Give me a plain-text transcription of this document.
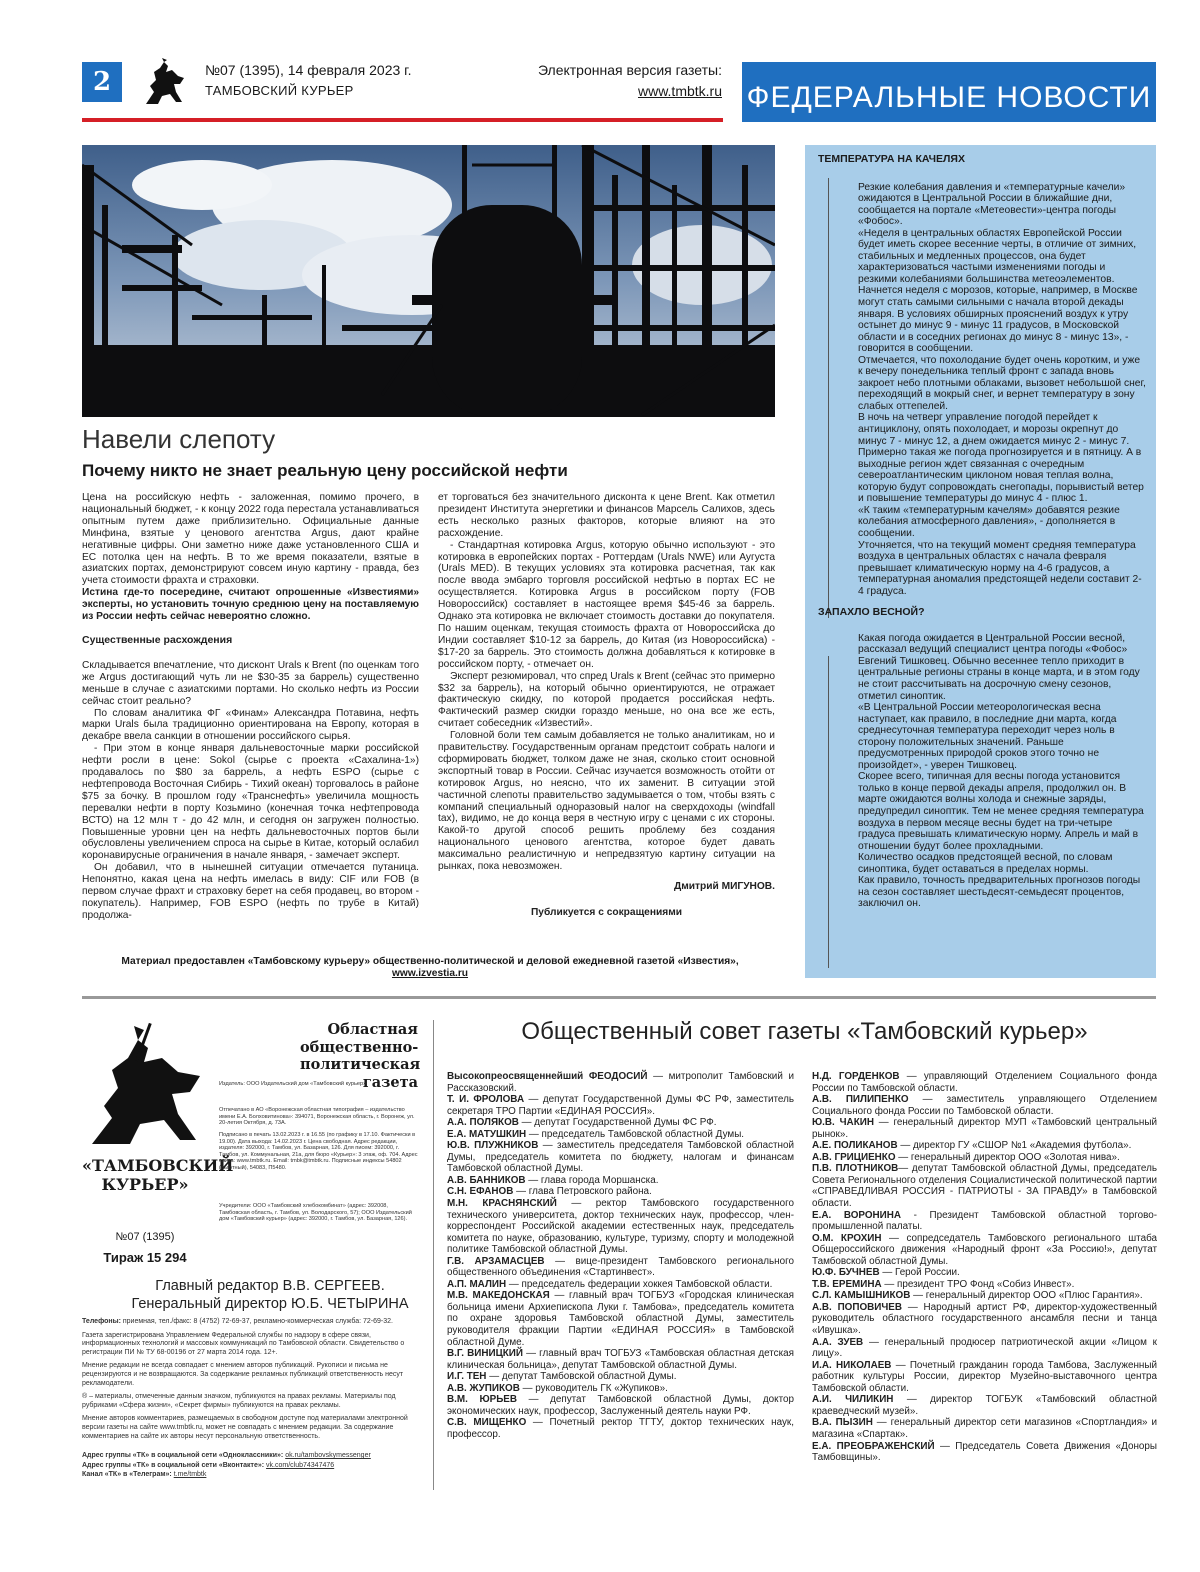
2	№07 (1395), 14 февраля 2023 г.
ТАМБОВСКИЙ КУРЬЕР
Электронная версия газеты:
www.tmbtk.ru ФЕДЕРАЛЬНЫЕ НОВОСТИ
Навели слепоту
Почему никто не знает реальную цену российской нефти

Цена на российскую нефть - заложенная, помимо прочего, в национальный бюджет, - к концу 2022 года перестала устанавливаться опытным путем даже приблизительно. Официальные данные Минфина, взятые у ценового агентства Argus, дают крайне негативные цифры. Они заметно ниже даже установленного США и ЕС потолка цен на нефть. В то же время показатели, взятые в азиатских портах, демонстрируют совсем иную картину - правда, без учета стоимости фрахта и страховки.

Истина где-то посередине, считают опрошенные «Известиями» эксперты, но установить точную среднюю цену на поставляемую из России нефть сейчас невероятно сложно.

Существенные расхождения

Складывается впечатление, что дисконт Urals к Brent (по оценкам того же Argus достигающий чуть ли не $30-35 за баррель) существенно меньше в случае с азиатскими портами. Но сколько нефть из России сейчас стоит реально?

По словам аналитика ФГ «Финам» Александра Потавина, нефть марки Urals была традиционно ориентирована на Европу, которая в декабре ввела санкции в отношении российского сырья.

- При этом в конце января дальневосточные марки российской нефти росли в цене: Sokol (сырье с проекта «Сахалина-1») продавалось по $80 за баррель, а нефть ESPO (сырье с нефтепровода Восточная Сибирь - Тихий океан) торговалось в районе $75 за бочку. В прошлом году «Транснефть» увеличила мощность перевалки нефти в порту Козьмино (конечная точка нефтепровода ВСТО) на 12 млн т - до 42 млн, и сегодня он загружен полностью. Повышенные уровни цен на нефть дальневосточных портов были обусловлены увеличением спроса на сырье в Китае, который ослабил коронавирусные ограничения в начале января, - замечает эксперт.

Он добавил, что в нынешней ситуации отмечается путаница. Непонятно, какая цена на нефть имелась в виду: CIF или FOB (в первом случае фрахт и страховку берет на себя продавец, во втором - покупатель). Например, FOB ESPO (нефть по трубе в Китай) продолжа-

ет торговаться без значительного дисконта к цене Brent. Как отметил президент Института энергетики и финансов Марсель Салихов, здесь есть несколько разных факторов, которые влияют на это расхождение.

- Стандартная котировка Argus, которую обычно используют - это котировка в европейских портах - Роттердам (Urals NWE) или Аугуста (Urals MED). В текущих условиях эта котировка расчетная, так как после ввода эмбарго торговля российской нефтью в портах ЕС не осуществляется. Котировка Argus в российском порту (FOB Новороссийск) составляет в настоящее время $45-46 за баррель. Однако эта котировка не включает стоимость доставки до покупателя. По нашим оценкам, текущая стоимость фрахта от Новороссийска до Индии составляет $10-12 за баррель, до Китая (из Новороссийска) - $17-20 за баррель. Это стоимость должна добавляться к котировке в российском порту, - отмечает он.

Эксперт резюмировал, что спред Urals к Brent (сейчас это примерно $32 за баррель), на который обычно ориентируются, не отражает фактическую скидку, по которой продается российская нефть. Фактический размер скидки гораздо меньше, но она все же есть, считает собеседник «Известий».

Головной боли тем самым добавляется не только аналитикам, но и правительству. Государственным органам предстоит собрать налоги и сформировать бюджет, толком даже не зная, сколько стоит основной экспортный товар в России. Сейчас изучается возможность отойти от котировок Argus, но неясно, что их заменит. В ситуации этой частичной слепоты правительство задумывается о том, чтобы взять с компаний специальный одноразовый налог на сверхдоходы (windfall tax), видимо, не до конца веря в честную игру с ценами с их стороны. Какой-то другой способ решить проблему без создания национального ценового агентства, которое будет давать максимально реалистичную и непредвзятую картину ситуации на рынках, пока невозможен.

Дмитрий МИГУНОВ.

Публикуется с сокращениями

Материал предоставлен «Тамбовскому курьеру» общественно-политической и деловой ежедневной газетой «Известия»,
www.izvestia.ru

ТЕМПЕРАТУРА НА КАЧЕЛЯХ

Резкие колебания давления и «температурные качели» ожидаются в Центральной России в ближайшие дни, сообщается на портале «Метеовести»-центра погоды «Фобос».

«Неделя в центральных областях Европейской России будет иметь скорее весенние черты, в отличие от зимних, стабильных и медленных процессов, она будет характеризоваться частыми изменениями погоды и резкими колебаниями большинства метеоэлементов. Начнется неделя с морозов, которые, например, в Москве могут стать самыми сильными с начала второй декады января. В условиях обширных прояснений воздух к утру остынет до минус 9 - минус 11 градусов, в Московской области и в соседних регионах до минус 8 - минус 13», - говорится в сообщении.

Отмечается, что похолодание будет очень коротким, и уже к вечеру понедельника теплый фронт с запада вновь закроет небо плотными облаками, вызовет небольшой снег, переходящий в мокрый снег, и вернет температуру в зону слабых оттепелей.

В ночь на четверг управление погодой перейдет к антициклону, опять похолодает, и морозы окрепнут до минус 7 - минус 12, а днем ожидается минус 2 - минус 7. Примерно такая же погода прогнозируется и в пятницу. А в выходные регион ждет связанная с очередным североатлантическим циклоном новая теплая волна, которую будут сопровождать снегопады, порывистый ветер и повышение температуры до минус 4 - плюс 1.

«К таким «температурным качелям» добавятся резкие колебания атмосферного давления», - дополняется в сообщении.

Уточняется, что на текущий момент средняя температура воздуха в центральных областях с начала февраля превышает климатическую норму на 4-6 градусов, а температурная аномалия предстоящей недели составит 2-4 градуса.

ЗАПАХЛО ВЕСНОЙ?

Какая погода ожидается в Центральной России весной, рассказал ведущий специалист центра погоды «Фобос» Евгений Тишковец. Обычно весеннее тепло приходит в центральные регионы страны в конце марта, и в этом году не стоит рассчитывать на досрочную смену сезонов, отметил синоптик.

«В Центральной России метеорологическая весна наступает, как правило, в последние дни марта, когда среднесуточная температура переходит через ноль в сторону положительных значений. Раньше предусмотренных природой сроков этого точно не произойдет», - уверен Тишковец.

Скорее всего, типичная для весны погода установится только в конце первой декады апреля, продолжил он. В марте ожидаются волны холода и снежные заряды, предупредил синоптик. Тем не менее средняя температура воздуха в первом месяце весны будет на три-четыре градуса превышать климатическую норму. Апрель и май в отношении будут более прохладными.

Количество осадков предстоящей весной, по словам синоптика, будет оставаться в пределах нормы.

Как правило, точность предварительных прогнозов погоды на сезон составляет шестьдесят-семьдесят процентов, заключил он.

Областная общественно-политическая газета
«ТАМБОВСКИЙ КУРЬЕР»
№07 (1395)
Тираж 15 294
Издатель: ООО Издательский дом «Тамбовский курьер»
Отпечатано в АО «Воронежская областная типография – издательство имени Е.А. Болховитинова»: 394071, Воронежская область, г. Воронеж, ул. 20-летия Октября, д. 73А.
Подписано в печать 13.02.2023 г. в 16.55 (по графику в 17.10. Фактически в 19.00). Дата выхода: 14.02.2023 г. Цена свободная. Адрес редакции, издателя: 392000, г. Тамбов, ул. Базарная, 126. Для писем: 392000, г. Тамбов, ул. Коммунальная, 21а, для бюро «Курьер»: 3 этаж, оф. 704. Адрес сайта: www.tmbtk.ru. Email: tmbk@tmbtk.ru. Подписные индексы 54802 (льготный), 54083, П5480.
Учредители: ООО «Тамбовский хлебокомбинат» (адрес: 392008, Тамбовская область, г. Тамбов, ул. Володарского, 57); ООО Издательский дом «Тамбовский курьер» (адрес: 392000, г. Тамбов, ул. Базарная, 126).
Главный редактор В.В. СЕРГЕЕВ.
Генеральный директор Ю.Б. ЧЕТЫРИНА

Телефоны: приемная, тел./факс: 8 (4752) 72-69-37, рекламно-коммерческая служба: 72-69-32.

Газета зарегистрирована Управлением Федеральной службы по надзору в сфере связи, информационных технологий и массовых коммуникаций по Тамбовской области. Свидетельство о регистрации ПИ № ТУ 68-00196 от 27 марта 2014 года. 12+.

Мнение редакции не всегда совпадает с мнением авторов публикаций. Рукописи и письма не рецензируются и не возвращаются. За содержание рекламных публикаций ответственность несут рекламодатели.

® – материалы, отмеченные данным значком, публикуются на правах рекламы. Материалы под рубриками «Сфера жизни», «Секрет фирмы» публикуются на правах рекламы.

Мнение авторов комментариев, размещаемых в свободном доступе под материалами электронной версии газеты на сайте www.tmbtk.ru, может не совпадать с мнением редакции. За содержание комментариев на сайте их авторы несут персональную ответственность.

Адрес группы «ТК» в социальной сети «Одноклассники»: ok.ru/tambovskymessenger

Адрес группы «ТК» в социальной сети «Вконтакте»: vk.com/club74347476

Канал «ТК» в «Телеграм»: t.me/tmbtk

Общественный совет газеты «Тамбовский курьер»

Высокопреосвященнейший ФЕОДОСИЙ — митрополит Тамбовский и Рассказовский.

Т. И. ФРОЛОВА — депутат Государственной Думы ФС РФ, заместитель секретаря ТРО Партии «ЕДИНАЯ РОССИЯ».

А.А. ПОЛЯКОВ — депутат Государственной Думы ФС РФ.

Е.А. МАТУШКИН — председатель Тамбовской областной Думы.

Ю.В. ПЛУЖНИКОВ — заместитель председателя Тамбовской областной Думы, председатель комитета по бюджету, налогам и финансам Тамбовской областной Думы.

А.В. БАННИКОВ — глава города Моршанска.

С.Н. ЕФАНОВ — глава Петровского района.

М.Н. КРАСНЯНСКИЙ — ректор Тамбовского государственного технического университета, доктор технических наук, профессор, член-корреспондент Российской академии естественных наук, председатель комитета по науке, образованию, культуре, туризму, спорту и молодежной политике Тамбовской областной Думы.

Г.В. АРЗАМАСЦЕВ — вице-президент Тамбовского регионального общественного объединения «Стартинвест».

А.П. МАЛИН — председатель федерации хоккея Тамбовской области.

М.В. МАКЕДОНСКАЯ — главный врач ТОГБУЗ «Городская клиническая больница имени Архиепископа Луки г. Тамбова», председатель комитета по охране здоровья Тамбовской областной Думы, заместитель руководителя фракции Партии «ЕДИНАЯ РОССИЯ» в Тамбовской областной Думе.

В.Г. ВИНИЦКИЙ — главный врач ТОГБУЗ «Тамбовская областная детская клиническая больница», депутат Тамбовской областной Думы.

И.Г. ТЕН — депутат Тамбовской областной Думы.

А.В. ЖУПИКОВ — руководитель ГК «Жупиков».

В.М. ЮРЬЕВ — депутат Тамбовской областной Думы, доктор экономических наук, профессор, Заслуженный деятель науки РФ.

С.В. МИЩЕНКО — Почетный ректор ТГТУ, доктор технических наук, профессор.

Н.Д. ГОРДЕНКОВ — управляющий Отделением Социального фонда России по Тамбовской области.

А.В. ПИЛИПЕНКО — заместитель управляющего Отделением Социального фонда России по Тамбовской области.

Ю.В. ЧАКИН — генеральный директор МУП «Тамбовский центральный рынок».

А.Е. ПОЛИКАНОВ — директор ГУ «СШОР №1 «Академия футбола».

А.В. ГРИЦИЕНКО — генеральный директор ООО «Золотая нива».

П.В. ПЛОТНИКОВ— депутат Тамбовской областной Думы, председатель Совета Регионального отделения Социалистической политической партии «СПРАВЕДЛИВАЯ РОССИЯ - ПАТРИОТЫ - ЗА ПРАВДУ» в Тамбовской области.

Е.А. ВОРОНИНА - Президент Тамбовской областной торгово-промышленной палаты.

О.М. КРОХИН — сопредседатель Тамбовского регионального штаба Общероссийского движения «Народный фронт «За Россию!», депутат Тамбовской областной Думы.

Ю.Ф. БУЧНЕВ — Герой России.

Т.В. ЕРЕМИНА — президент ТРО Фонд «Собиз Инвест».

С.Л. КАМЫШНИКОВ — генеральный директор ООО «Плюс Гарантия».

А.В. ПОПОВИЧЕВ — Народный артист РФ, директор-художественный руководитель областного государственного ансамбля песни и танца «Ивушка».

А.А. ЗУЕВ — генеральный продюсер патриотической акции «Лицом к лицу».

И.А. НИКОЛАЕВ — Почетный гражданин города Тамбова, Заслуженный работник культуры России, директор Музейно-выставочного центра Тамбовской области.

А.И. ЧИЛИКИН — директор ТОГБУК «Тамбовский областной краеведческий музей».

В.А. ПЫЗИН — генеральный директор сети магазинов «Спортландия» и магазина «Спартак».

Е.А. ПРЕОБРАЖЕНСКИЙ — Председатель Совета Движения «Доноры Тамбовщины».
